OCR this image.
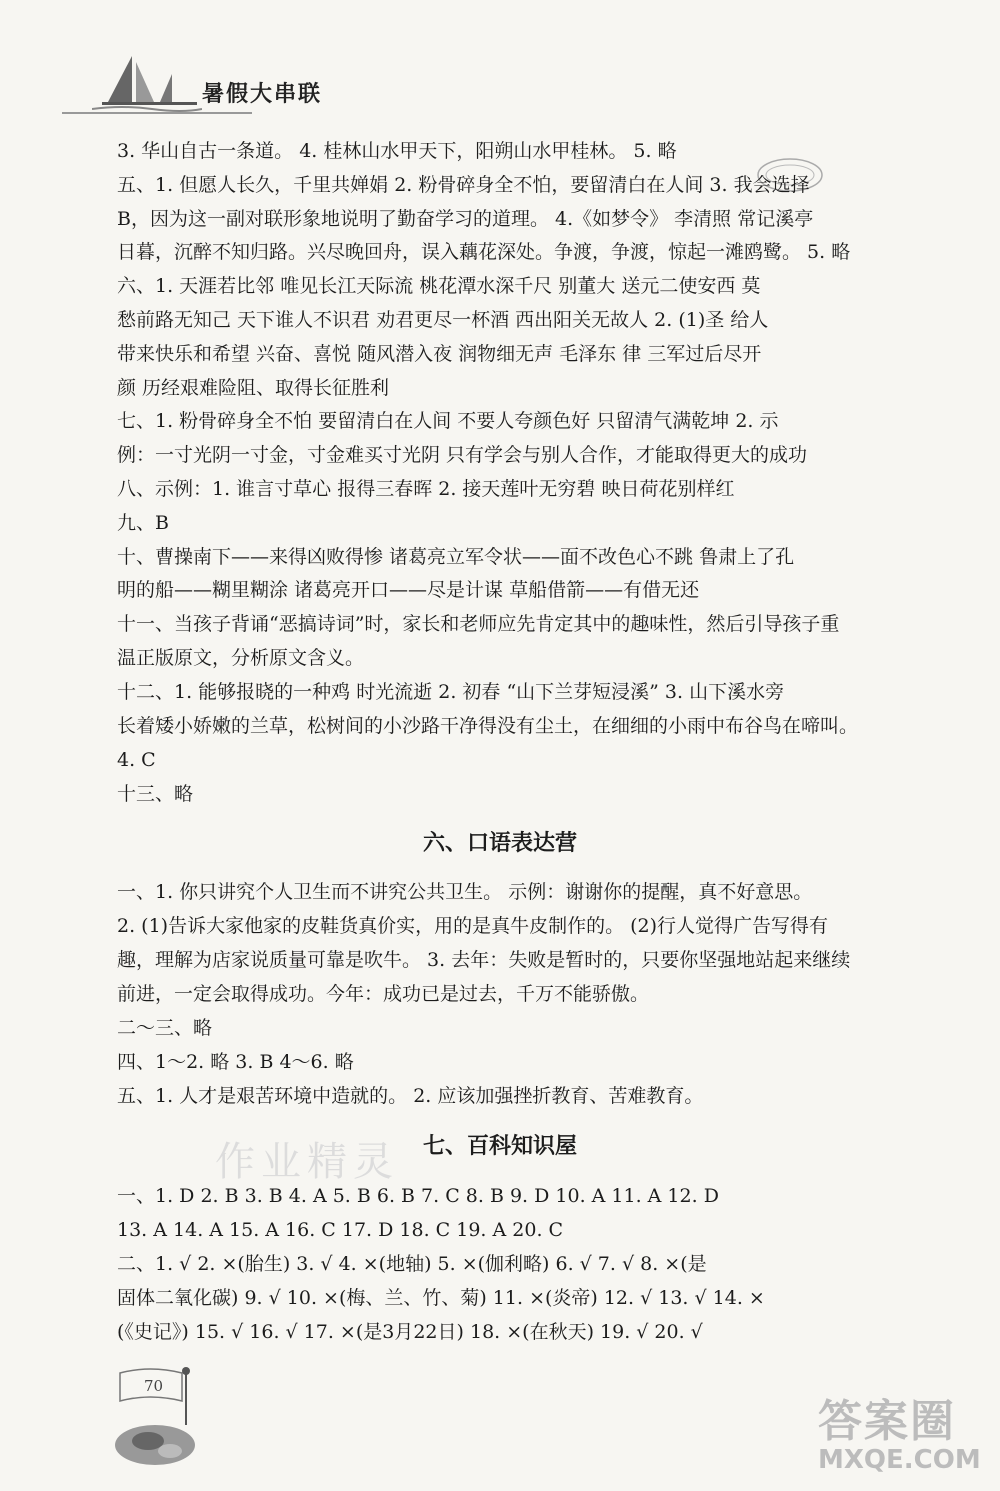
暑假大串联
3. 华山自古一条道。 4. 桂林山水甲天下，阳朔山水甲桂林。 5. 略
五、1. 但愿人长久，千里共婵娟 2. 粉骨碎身全不怕，要留清白在人间 3. 我会选择
B，因为这一副对联形象地说明了勤奋学习的道理。 4.《如梦令》 李清照 常记溪亭
日暮，沉醉不知归路。兴尽晚回舟，误入藕花深处。争渡，争渡，惊起一滩鸥鹭。 5. 略
六、1. 天涯若比邻 唯见长江天际流 桃花潭水深千尺 别董大 送元二使安西 莫
愁前路无知己 天下谁人不识君 劝君更尽一杯酒 西出阳关无故人 2. (1)圣 给人
带来快乐和希望 兴奋、喜悦 随风潜入夜 润物细无声 毛泽东 律 三军过后尽开
颜 历经艰难险阻、取得长征胜利
七、1. 粉骨碎身全不怕 要留清白在人间 不要人夸颜色好 只留清气满乾坤 2. 示
例：一寸光阴一寸金，寸金难买寸光阴 只有学会与别人合作，才能取得更大的成功
八、示例：1. 谁言寸草心 报得三春晖 2. 接天莲叶无穷碧 映日荷花别样红
九、B
十、曹操南下——来得凶败得惨 诸葛亮立军令状——面不改色心不跳 鲁肃上了孔
明的船——糊里糊涂 诸葛亮开口——尽是计谋 草船借箭——有借无还
十一、当孩子背诵“恶搞诗词”时，家长和老师应先肯定其中的趣味性，然后引导孩子重
温正版原文，分析原文含义。
十二、1. 能够报晓的一种鸡 时光流逝 2. 初春 “山下兰芽短浸溪” 3. 山下溪水旁
长着矮小娇嫩的兰草，松树间的小沙路干净得没有尘土，在细细的小雨中布谷鸟在啼叫。
4. C
十三、略
六、口语表达营
一、1. 你只讲究个人卫生而不讲究公共卫生。 示例：谢谢你的提醒，真不好意思。
2. (1)告诉大家他家的皮鞋货真价实，用的是真牛皮制作的。 (2)行人觉得广告写得有
趣，理解为店家说质量可靠是吹牛。 3. 去年：失败是暂时的，只要你坚强地站起来继续
前进，一定会取得成功。今年：成功已是过去，千万不能骄傲。
二～三、略
四、1～2. 略 3. B 4～6. 略
五、1. 人才是艰苦环境中造就的。 2. 应该加强挫折教育、苦难教育。
作业精灵	七、百科知识屋
一、1. D 2. B 3. B 4. A 5. B 6. B 7. C 8. B 9. D 10. A 11. A 12. D
13. A 14. A 15. A 16. C 17. D 18. C 19. A 20. C
二、1. √ 2. ×(胎生) 3. √ 4. ×(地轴) 5. ×(伽利略) 6. √ 7. √ 8. ×(是
固体二氧化碳) 9. √ 10. ×(梅、兰、竹、菊) 11. ×(炎帝) 12. √ 13. √ 14. ×
(《史记》) 15. √ 16. √ 17. ×(是3月22日) 18. ×(在秋天) 19. √ 20. √
70
答案圈
MXQE.COM
